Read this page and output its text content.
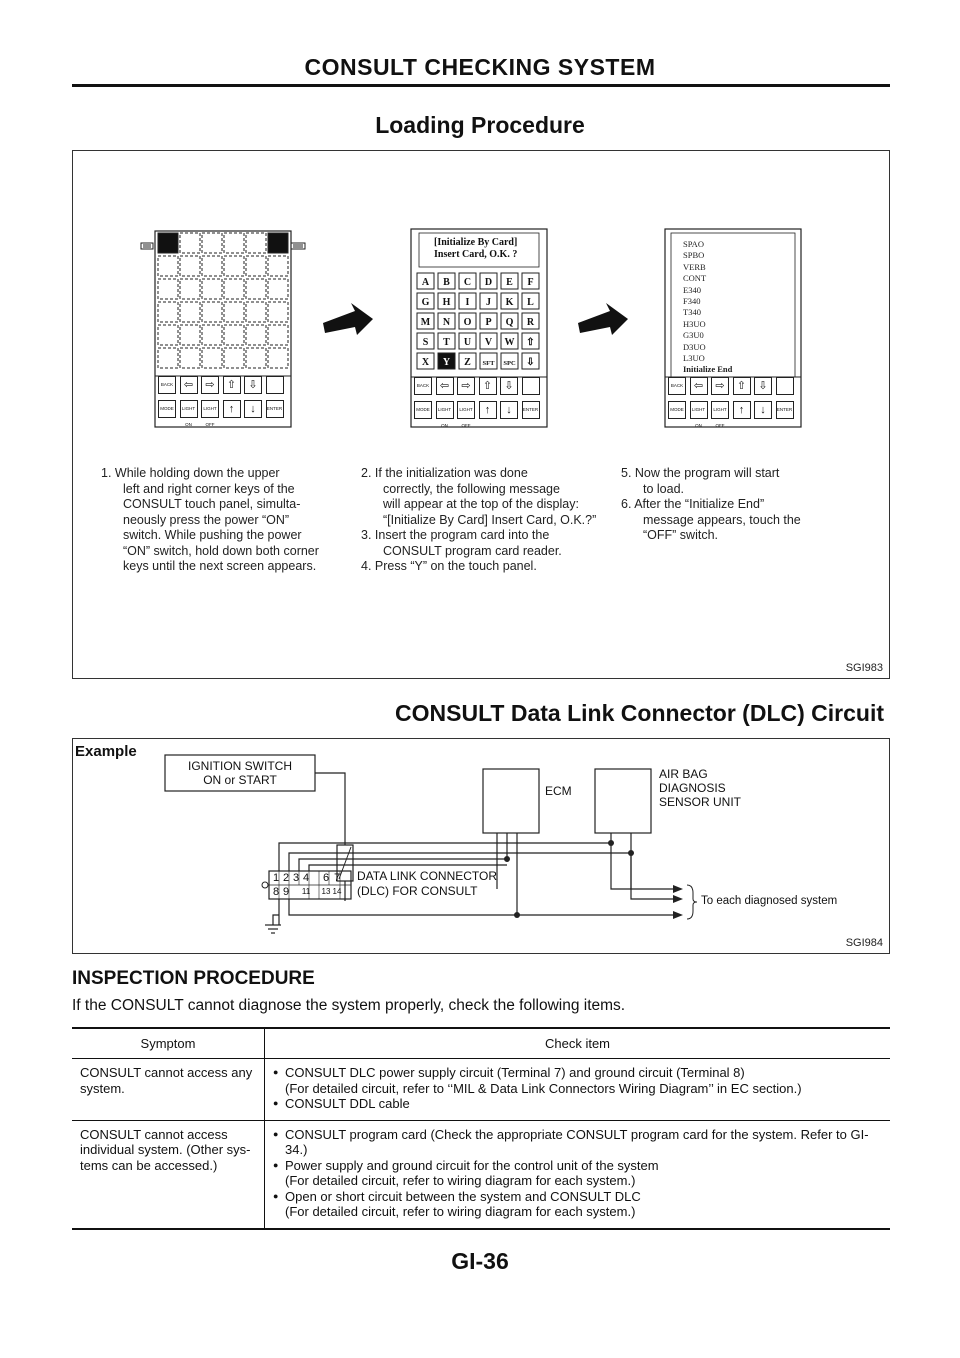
CONSULT CHECKING SYSTEM
Loading Procedure
A B C D E F
G H I J K L
M N O P Q R
S T U V W ⇧
X Y Z SFT SPC ⇩
[Initialize By Card]
Insert Card, O.K. ?
SPAO
SPBO
VERB
CONT
E340
F340
T340
H3UO
G3U0
D3UO
L3UO
Initialize End
BACK ⇦	⇨	⇧	⇩
MODE	LIGHT ON
LIGHT OFF
↑	↓	ENTER
BACK ⇦	⇨	⇧	⇩
MODE	LIGHT ON
LIGHT OFF
↑	↓	ENTER
BACK ⇦	⇨	⇧	⇩
MODE	LIGHT ON
LIGHT OFF
↑	↓	ENTER
1. While holding down the upper
left and right corner keys of the
CONSULT touch panel, simulta-
neously press the power “ON”
switch. While pushing the power
“ON” switch, hold down both corner
keys until the next screen appears.
2. If the initialization was done
correctly, the following message
will appear at the top of the display:
“[Initialize By Card] Insert Card, O.K.?”
3. Insert the program card into the
CONSULT program card reader.
4. Press “Y” on the touch panel.
5. Now the program will start
to load.
6. After the “Initialize End”
message appears, touch the
“OFF” switch.
SGI983
CONSULT Data Link Connector (DLC) Circuit
Example
IGNITION SWITCH
ON or START
ECM
AIR BAG
DIAGNOSIS
SENSOR UNIT
DATA LINK CONNECTOR
(DLC) FOR CONSULT
1 2 3 4 6 7
8 9 11 13 14
To each diagnosed system
SGI984
INSPECTION PROCEDURE
If the CONSULT cannot diagnose the system properly, check the following items.
Symptom	Check item
CONSULT cannot access any system.	● CONSULT DLC power supply circuit (Terminal 7) and ground circuit (Terminal 8)
(For detailed circuit, refer to ‘‘MIL & Data Link Connectors Wiring Diagram’’ in EC section.)
● CONSULT DDL cable

CONSULT cannot access individual system. (Other sys- tems can be accessed.)	● CONSULT program card (Check the appropriate CONSULT program card for the system. Refer to GI-34.)
● Power supply and ground circuit for the control unit of the system
(For detailed circuit, refer to wiring diagram for each system.)
● Open or short circuit between the system and CONSULT DLC
(For detailed circuit, refer to wiring diagram for each system.)
GI-36
